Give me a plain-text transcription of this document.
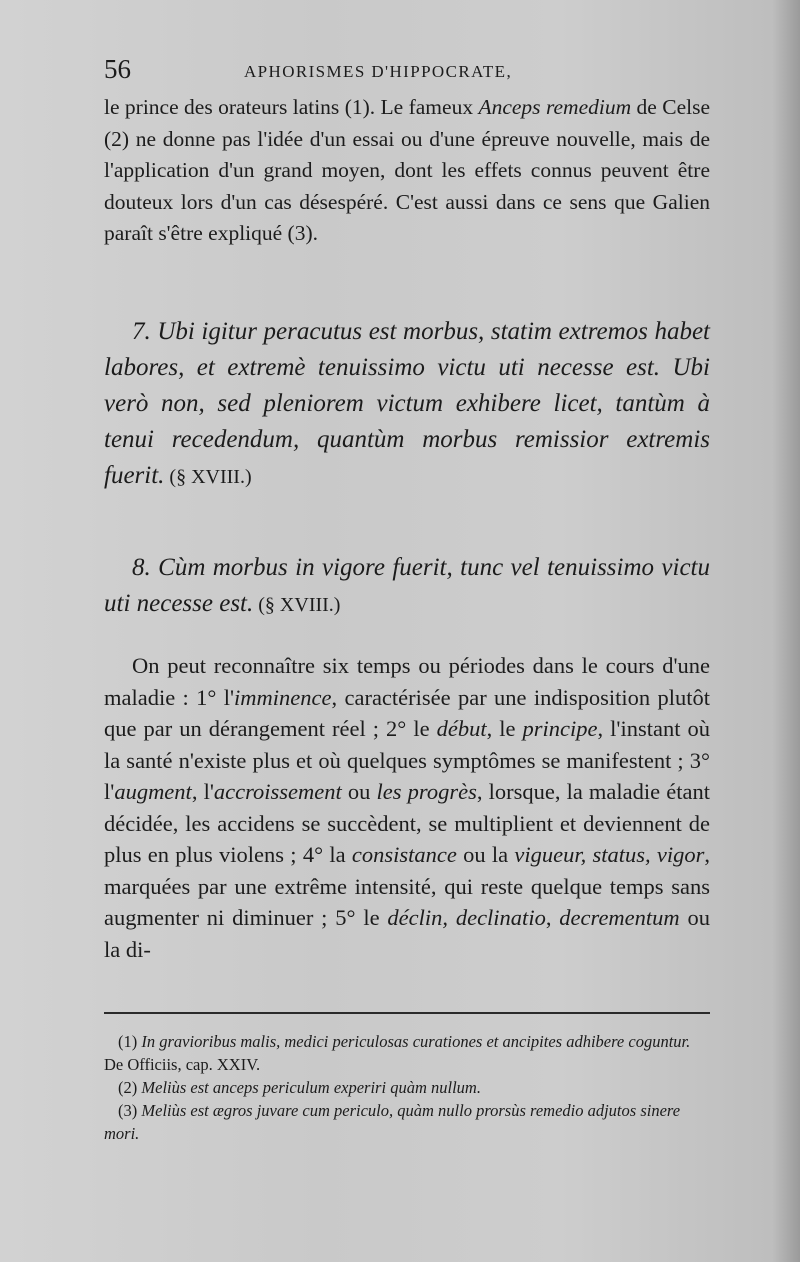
56	APHORISMES D'HIPPOCRATE,

le prince des orateurs latins (1). Le fameux Anceps remedium de Celse (2) ne donne pas l'idée d'un essai ou d'une épreuve nouvelle, mais de l'application d'un grand moyen, dont les effets connus peuvent être douteux lors d'un cas désespéré. C'est aussi dans ce sens que Galien paraît s'être expliqué (3).

7. Ubi igitur peracutus est morbus, statim extremos habet labores, et extremè tenuissimo victu uti necesse est. Ubi verò non, sed pleniorem victum exhibere licet, tantùm à tenui recedendum, quantùm morbus remissior extremis fuerit. (§ XVIII.)

8. Cùm morbus in vigore fuerit, tunc vel tenuissimo victu uti necesse est. (§ XVIII.)

On peut reconnaître six temps ou périodes dans le cours d'une maladie : 1° l'imminence, caractérisée par une indisposition plutôt que par un dérangement réel ; 2° le début, le principe, l'instant où la santé n'existe plus et où quelques symptômes se manifestent ; 3° l'augment, l'accroissement ou les progrès, lorsque, la maladie étant décidée, les accidens se succèdent, se multiplient et deviennent de plus en plus violens ; 4° la consistance ou la vigueur, status, vigor, marquées par une extrême intensité, qui reste quelque temps sans augmenter ni diminuer ; 5° le déclin, declinatio, decrementum ou la di-

(1) In gravioribus malis, medici periculosas curationes et ancipites adhibere coguntur. De Officiis, cap. XXIV.

(2) Meliùs est anceps periculum experiri quàm nullum.

(3) Meliùs est ægros juvare cum periculo, quàm nullo prorsùs remedio adjutos sinere mori.
